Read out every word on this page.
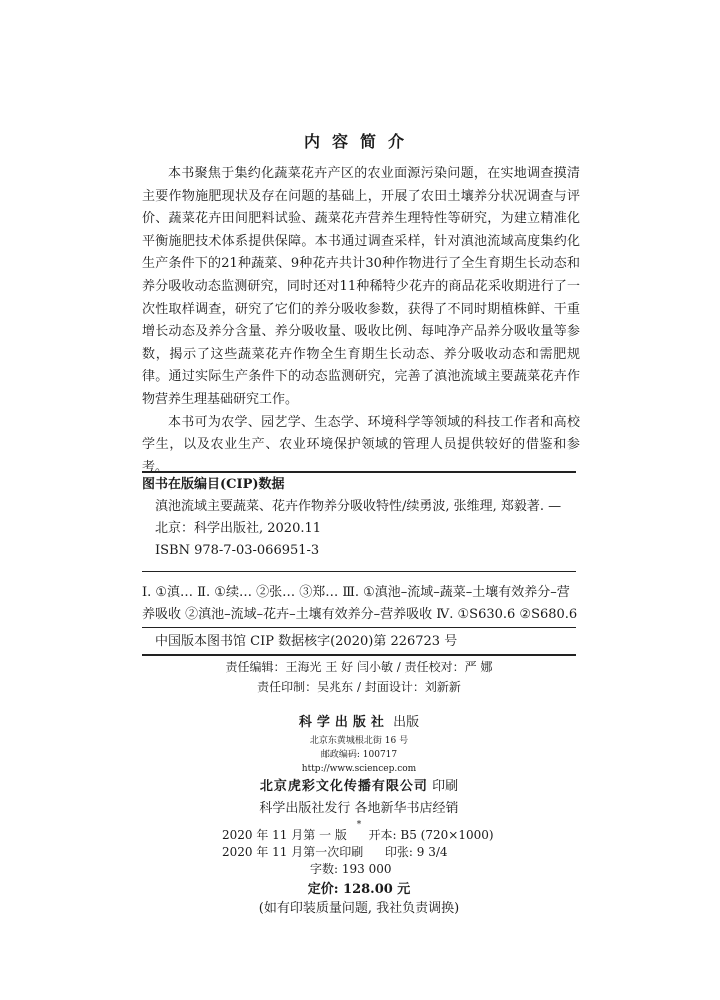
内容简介

本书聚焦于集约化蔬菜花卉产区的农业面源污染问题，在实地调查摸清主要作物施肥现状及存在问题的基础上，开展了农田土壤养分状况调查与评价、蔬菜花卉田间肥料试验、蔬菜花卉营养生理特性等研究，为建立精准化平衡施肥技术体系提供保障。本书通过调查采样，针对滇池流域高度集约化生产条件下的21种蔬菜、9种花卉共计30种作物进行了全生育期生长动态和养分吸收动态监测研究，同时还对11种稀特少花卉的商品花采收期进行了一次性取样调查，研究了它们的养分吸收参数，获得了不同时期植株鲜、干重增长动态及养分含量、养分吸收量、吸收比例、每吨净产品养分吸收量等参数，揭示了这些蔬菜花卉作物全生育期生长动态、养分吸收动态和需肥规律。通过实际生产条件下的动态监测研究，完善了滇池流域主要蔬菜花卉作物营养生理基础研究工作。

本书可为农学、园艺学、生态学、环境科学等领域的科技工作者和高校学生，以及农业生产、农业环境保护领域的管理人员提供较好的借鉴和参考。

图书在版编目(CIP)数据
滇池流域主要蔬菜、花卉作物养分吸收特性/续勇波, 张维理, 郑毅著. —
北京：科学出版社, 2020.11
ISBN 978-7-03-066951-3
Ⅰ. ①滇… Ⅱ. ①续… ②张… ③郑… Ⅲ. ①滇池–流域–蔬菜–土壤有效养分–营养吸收 ②滇池–流域–花卉–土壤有效养分–营养吸收 Ⅳ. ①S630.6 ②S680.6
中国版本图书馆 CIP 数据核字(2020)第 226723 号
责任编辑：王海光 王 好 闫小敏 / 责任校对：严 娜
责任印制：吴兆东 / 封面设计：刘新新
科学出版社 出版
北京东黄城根北街 16 号
邮政编码: 100717
http://www.sciencep.com
北京虎彩文化传播有限公司 印刷
科学出版社发行 各地新华书店经销
*
2020 年 11 月第 一 版 开本: B5 (720×1000)
2020 年 11 月第一次印刷 印张: 9 3/4
字数: 193 000
定价: 128.00 元
(如有印装质量问题, 我社负责调换)
